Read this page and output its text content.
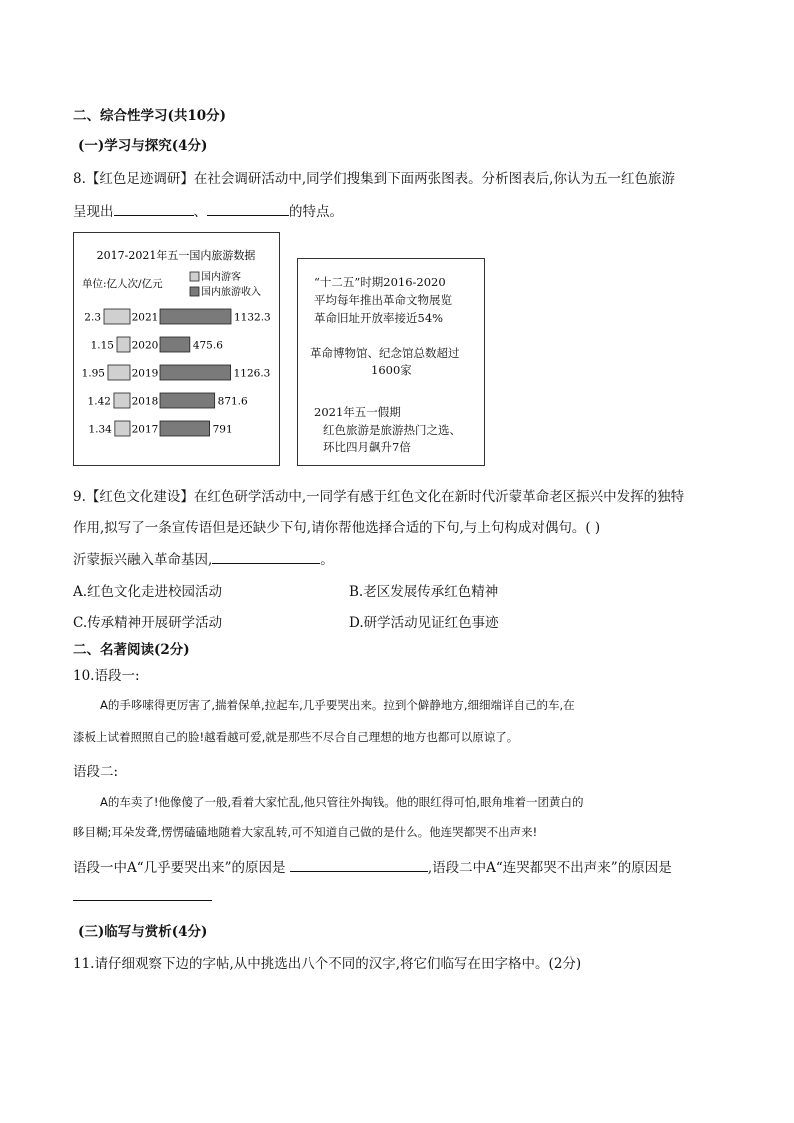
二、综合性学习(共10分)
(一)学习与探究(4分)
8.【红色足迹调研】在社会调研活动中,同学们搜集到下面两张图表。分析图表后,你认为五一红色旅游
呈现出	、	的特点。
2017-2021年五一国内旅游数据
单位:亿人次/亿元
国内游客
国内旅游收入
2021
2.3	1132.3
2020
1.15	475.6
2019
1.95	1126.3
2018
1.42	871.6
2017
1.34	791
“十二五”时期2016-2020
平均每年推出革命文物展览
革命旧址开放率接近54%
革命博物馆、纪念馆总数超过
1600家
2021年五一假期
红色旅游是旅游热门之选、
环比四月飙升7倍
9.【红色文化建设】在红色研学活动中,一同学有感于红色文化在新时代沂蒙革命老区振兴中发挥的独特
作用,拟写了一条宣传语但是还缺少下句,请你帮他选择合适的下句,与上句构成对偶句。( )
沂蒙振兴融入革命基因,	。
A.红色文化走进校园活动	B.老区发展传承红色精神
C.传承精神开展研学活动	D.研学活动见证红色事迹
二、名著阅读(2分)
10.语段一:
A的手哆嗦得更厉害了,揣着保单,拉起车,几乎要哭出来。拉到个僻静地方,细细端详自己的车,在
漆板上试着照照自己的脸!越看越可爱,就是那些不尽合自己理想的地方也都可以原谅了。
语段二:
A的车卖了!他像傻了一般,看着大家忙乱,他只管往外掏钱。他的眼红得可怕,眼角堆着一团黄白的
眵目糊;耳朵发聋,愣愣磕磕地随着大家乱转,可不知道自己做的是什么。他连哭都哭不出声来!
语段一中A“几乎要哭出来”的原因是	,语段二中A“连哭都哭不出声来”的原因是
(三)临写与赏析(4分)
11.请仔细观察下边的字帖,从中挑选出八个不同的汉字,将它们临写在田字格中。(2分)
